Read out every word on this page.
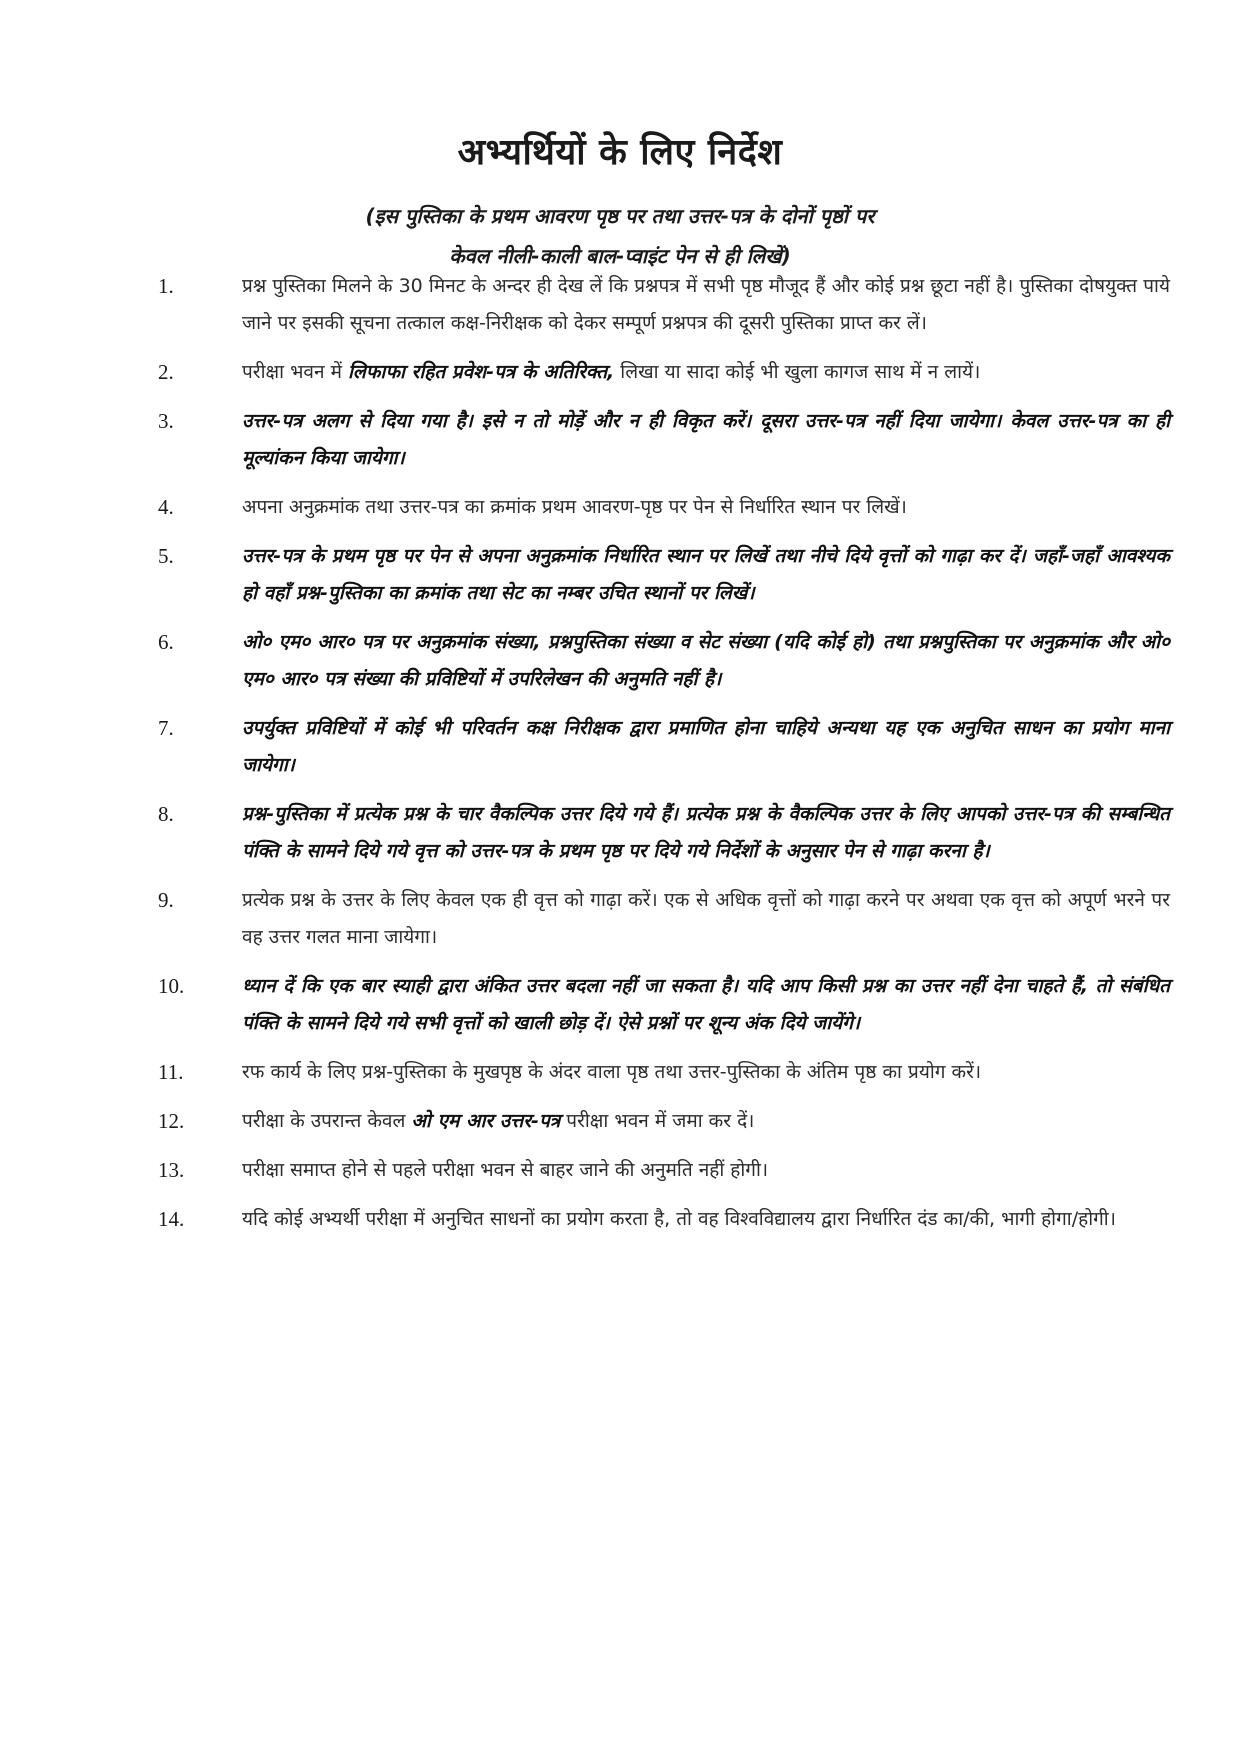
अभ्यर्थियों के लिए निर्देश
(इस पुस्तिका के प्रथम आवरण पृष्ठ पर तथा उत्तर-पत्र के दोनों पृष्ठों पर
केवल नीली-काली बाल-प्वाइंट पेन से ही लिखें)
1.	प्रश्न पुस्तिका मिलने के 30 मिनट के अन्दर ही देख लें कि प्रश्नपत्र में सभी पृष्ठ मौजूद हैं और कोई प्रश्न छूटा नहीं है। पुस्तिका दोषयुक्त पाये जाने पर इसकी सूचना तत्काल कक्ष-निरीक्षक को देकर सम्पूर्ण प्रश्नपत्र की दूसरी पुस्तिका प्राप्त कर लें।
2.	परीक्षा भवन में लिफाफा रहित प्रवेश-पत्र के अतिरिक्त, लिखा या सादा कोई भी खुला कागज साथ में न लायें।
3.	उत्तर-पत्र अलग से दिया गया है। इसे न तो मोड़ें और न ही विकृत करें। दूसरा उत्तर-पत्र नहीं दिया जायेगा। केवल उत्तर-पत्र का ही मूल्यांकन किया जायेगा।
4.	अपना अनुक्रमांक तथा उत्तर-पत्र का क्रमांक प्रथम आवरण-पृष्ठ पर पेन से निर्धारित स्थान पर लिखें।
5.	उत्तर-पत्र के प्रथम पृष्ठ पर पेन से अपना अनुक्रमांक निर्धारित स्थान पर लिखें तथा नीचे दिये वृत्तों को गाढ़ा कर दें। जहाँ-जहाँ आवश्यक हो वहाँ प्रश्न-पुस्तिका का क्रमांक तथा सेट का नम्बर उचित स्थानों पर लिखें।
6.	ओ० एम० आर० पत्र पर अनुक्रमांक संख्या, प्रश्नपुस्तिका संख्या व सेट संख्या (यदि कोई हो) तथा प्रश्नपुस्तिका पर अनुक्रमांक और ओ० एम० आर० पत्र संख्या की प्रविष्टियों में उपरिलेखन की अनुमति नहीं है।
7.	उपर्युक्त प्रविष्टियों में कोई भी परिवर्तन कक्ष निरीक्षक द्वारा प्रमाणित होना चाहिये अन्यथा यह एक अनुचित साधन का प्रयोग माना जायेगा।
8.	प्रश्न-पुस्तिका में प्रत्येक प्रश्न के चार वैकल्पिक उत्तर दिये गये हैं। प्रत्येक प्रश्न के वैकल्पिक उत्तर के लिए आपको उत्तर-पत्र की सम्बन्धित पंक्ति के सामने दिये गये वृत्त को उत्तर-पत्र के प्रथम पृष्ठ पर दिये गये निर्देशों के अनुसार पेन से गाढ़ा करना है।
9.	प्रत्येक प्रश्न के उत्तर के लिए केवल एक ही वृत्त को गाढ़ा करें। एक से अधिक वृत्तों को गाढ़ा करने पर अथवा एक वृत्त को अपूर्ण भरने पर वह उत्तर गलत माना जायेगा।
10.	ध्यान दें कि एक बार स्याही द्वारा अंकित उत्तर बदला नहीं जा सकता है। यदि आप किसी प्रश्न का उत्तर नहीं देना चाहते हैं, तो संबंधित पंक्ति के सामने दिये गये सभी वृत्तों को खाली छोड़ दें। ऐसे प्रश्नों पर शून्य अंक दिये जायेंगे।
11.	रफ कार्य के लिए प्रश्न-पुस्तिका के मुखपृष्ठ के अंदर वाला पृष्ठ तथा उत्तर-पुस्तिका के अंतिम पृष्ठ का प्रयोग करें।
12.	परीक्षा के उपरान्त केवल ओ एम आर उत्तर-पत्र परीक्षा भवन में जमा कर दें।
13.	परीक्षा समाप्त होने से पहले परीक्षा भवन से बाहर जाने की अनुमति नहीं होगी।
14.	यदि कोई अभ्यर्थी परीक्षा में अनुचित साधनों का प्रयोग करता है, तो वह विश्वविद्यालय द्वारा निर्धारित दंड का/की, भागी होगा/होगी।
